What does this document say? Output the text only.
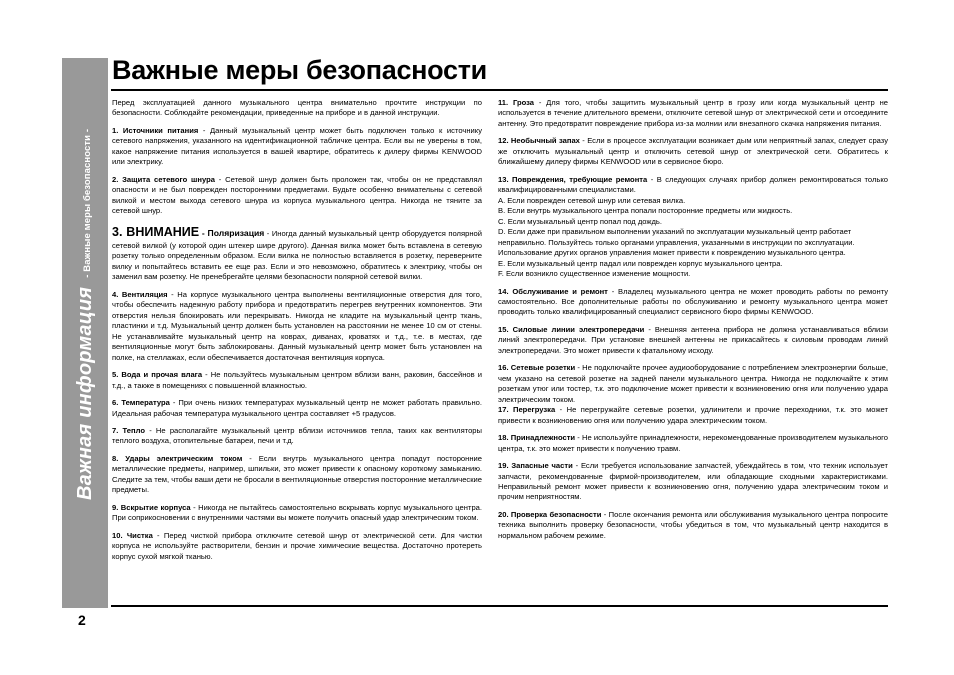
Важная информация
- Важные меры безопасности -
2
Важные меры безопасности

Перед эксплуатацией данного музыкального центра внимательно прочтите инструкции по безопасности. Соблюдайте рекомендации, приведенные на приборе и в данной инструкции.

1. Источники питания - Данный музыкальный центр может быть подключен только к источнику сетевого напряжения, указанного на идентификационной табличке центра. Если вы не уверены в том, какое напряжение питания используется в вашей квартире, обратитесь к дилеру фирмы KENWOOD или электрику.

2. Защита сетевого шнура - Сетевой шнур должен быть проложен так, чтобы он не представлял опасности и не был поврежден посторонними предметами. Будьте особенно внимательны с сетевой вилкой и местом выхода сетевого шнура из корпуса музыкального центра. Никогда не тяните за сетевой шнур.

3. ВНИМАНИЕ - Поляризация - Иногда данный музыкальный центр оборудуется полярной сетевой вилкой (у которой один штекер шире другого). Данная вилка может быть вставлена в сетевую розетку только определенным образом. Если вилка не полностью вставляется в розетку, переверните вилку и попытайтесь вставить ее еще раз. Если и это невозможно, обратитесь к электрику, чтобы он заменил вам розетку. Не пренебрегайте целями безопасности полярной сетевой вилки.

4. Вентиляция - На корпусе музыкального центра выполнены вентиляционные отверстия для того, чтобы обеспечить надежную работу прибора и предотвратить перегрев внутренних компонентов. Эти отверстия нельзя блокировать или перекрывать. Никогда не кладите на музыкальный центр ткань, пластинки и т.д. Музыкальный центр должен быть установлен на расстоянии не менее 10 см от стены. Не устанавливайте музыкальный центр на коврах, диванах, кроватях и т.д., т.е. в местах, где вентиляционные могут быть заблокированы. Данный музыкальный центр может быть установлен на полке, на стеллажах, если обеспечивается достаточная вентиляция корпуса.

5. Вода и прочая влага - Не пользуйтесь музыкальным центром вблизи ванн, раковин, бассейнов и т.д., а также в помещениях с повышенной влажностью.

6. Температура - При очень низких температурах музыкальный центр не может работать правильно. Идеальная рабочая температура музыкального центра составляет +5 градусов.

7. Тепло - Не располагайте музыкальный центр вблизи источников тепла, таких как вентиляторы теплого воздуха, отопительные батареи, печи и т.д.

8. Удары электрическим током - Если внутрь музыкального центра попадут посторонние металлические предметы, например, шпильки, это может привести к опасному короткому замыканию. Следите за тем, чтобы ваши дети не бросали в вентиляционные отверстия посторонние металлические предметы.

9. Вскрытие корпуса - Никогда не пытайтесь самостоятельно вскрывать корпус музыкального центра. При соприкосновении с внутренними частями вы можете получить опасный удар электрическим током.

10. Чистка - Перед чисткой прибора отключите сетевой шнур от электрической сети. Для чистки корпуса не используйте растворители, бензин и прочие химические вещества. Достаточно протереть корпус сухой мягкой тканью.

11. Гроза - Для того, чтобы защитить музыкальный центр в грозу или когда музыкальный центр не используется в течение длительного времени, отключите сетевой шнур от электрической сети и отсоедините антенну. Это предотвратит повреждение прибора из-за молнии или внезапного скачка напряжения питания.

12. Необычный запах - Если в процессе эксплуатации возникает дым или неприятный запах, следует сразу же отключить музыкальный центр и отключить сетевой шнур от электрической сети. Обратитесь к ближайшему дилеру фирмы KENWOOD или в сервисное бюро.

13. Повреждения, требующие ремонта - В следующих случаях прибор должен ремонтироваться только квалифицированными специалистами.

A. Если поврежден сетевой шнур или сетевая вилка.

B. Если внутрь музыкального центра попали посторонние предметы или жидкость.

C. Если музыкальный центр попал под дождь.

D. Если даже при правильном выполнении указаний по эксплуатации музыкальный центр работает неправильно. Пользуйтесь только органами управления, указанными в инструкции по эксплуатации. Использование других органов управления может привести к повреждению музыкального центра.

E. Если музыкальный центр падал или поврежден корпус музыкального центра.

F. Если возникло существенное изменение мощности.

14. Обслуживание и ремонт - Владелец музыкального центра не может проводить работы по ремонту самостоятельно. Все дополнительные работы по обслуживанию и ремонту музыкального центра может проводить только квалифицированный специалист сервисного бюро фирмы KENWOOD.

15. Силовые линии электропередачи - Внешняя антенна прибора не должна устанавливаться вблизи линий электропередачи. При установке внешней антенны не прикасайтесь к силовым проводам линий электропередачи. Это может привести к фатальному исходу.

16. Сетевые розетки - Не подключайте прочее аудиооборудование с потреблением электроэнергии больше, чем указано на сетевой розетке на задней панели музыкального центра. Никогда не подключайте к этим розеткам утюг или тостер, т.к. это подключение может привести к возникновению огня или получению удара электрическим током.

17. Перегрузка - Не перегружайте сетевые розетки, удлинители и прочие переходники, т.к. это может привести к возникновению огня или получению удара электрическим током.

18. Принадлежности - Не используйте принадлежности, нерекомендованные производителем музыкального центра, т.к. это может привести к получению травм.

19. Запасные части - Если требуется использование запчастей, убеждайтесь в том, что техник использует запчасти, рекомендованные фирмой-производителем, или обладающие сходными характеристиками. Неправильный ремонт может привести к возникновению огня, получению удара электрическим током и прочим неприятностям.

20. Проверка безопасности - После окончания ремонта или обслуживания музыкального центра попросите техника выполнить проверку безопасности, чтобы убедиться в том, что музыкальный центр находится в нормальном рабочем режиме.
